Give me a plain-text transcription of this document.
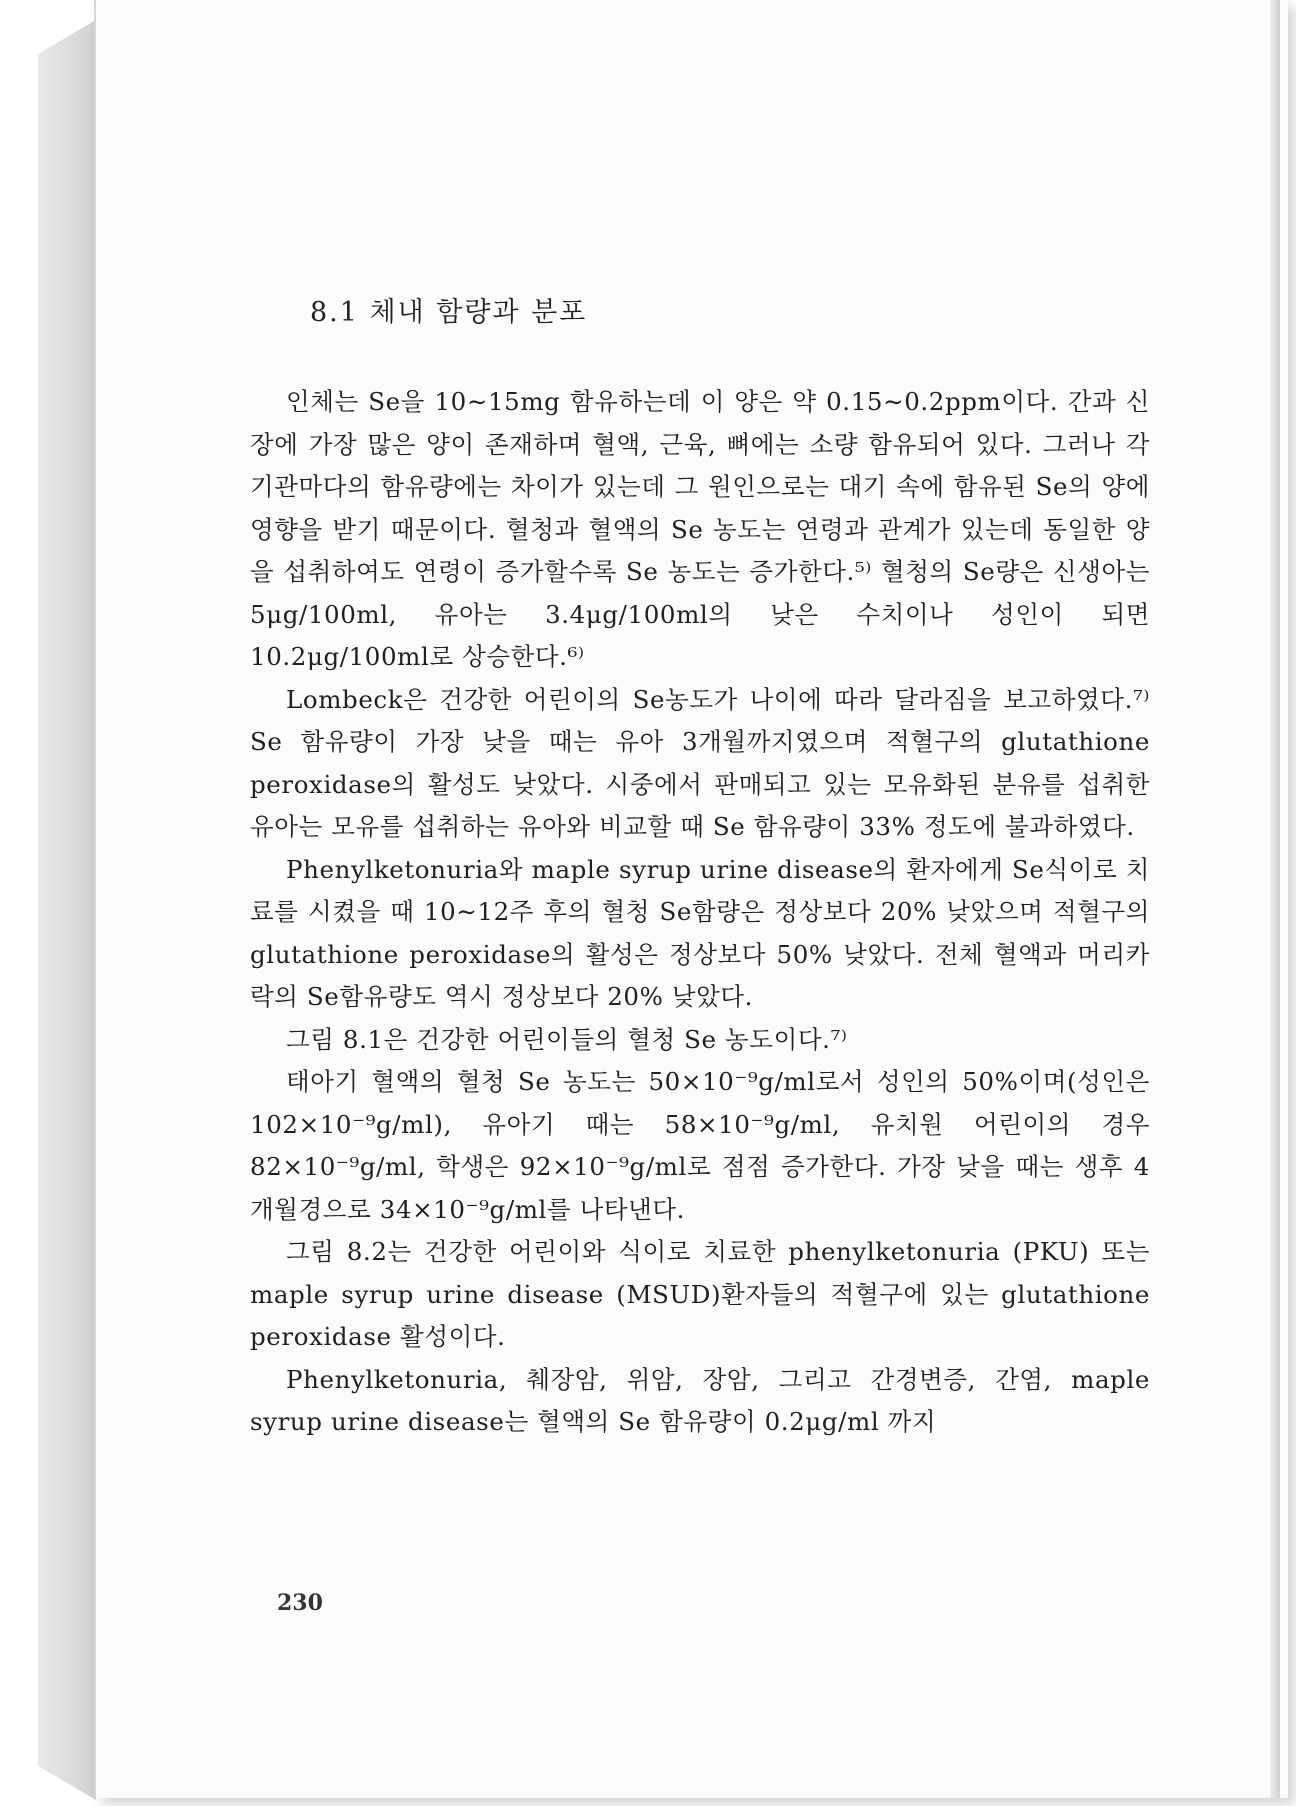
8.1 체내 함량과 분포

인체는 Se을 10∼15mg 함유하는데 이 양은 약 0.15∼0.2ppm이다. 간과 신장에 가장 많은 양이 존재하며 혈액, 근육, 뼈에는 소량 함유되어 있다. 그러나 각 기관마다의 함유량에는 차이가 있는데 그 원인으로는 대기 속에 함유된 Se의 양에 영향을 받기 때문이다. 혈청과 혈액의 Se 농도는 연령과 관계가 있는데 동일한 양을 섭취하여도 연령이 증가할수록 Se 농도는 증가한다.⁵⁾ 혈청의 Se량은 신생아는 5μg/100ml, 유아는 3.4μg/100ml의 낮은 수치이나 성인이 되면 10.2μg/100ml로 상승한다.⁶⁾

Lombeck은 건강한 어린이의 Se농도가 나이에 따라 달라짐을 보고하였다.⁷⁾ Se 함유량이 가장 낮을 때는 유아 3개월까지였으며 적혈구의 glutathione peroxidase의 활성도 낮았다. 시중에서 판매되고 있는 모유화된 분유를 섭취한 유아는 모유를 섭취하는 유아와 비교할 때 Se 함유량이 33% 정도에 불과하였다.

Phenylketonuria와 maple syrup urine disease의 환자에게 Se식이로 치료를 시켰을 때 10∼12주 후의 혈청 Se함량은 정상보다 20% 낮았으며 적혈구의 glutathione peroxidase의 활성은 정상보다 50% 낮았다. 전체 혈액과 머리카락의 Se함유량도 역시 정상보다 20% 낮았다.

그림 8.1은 건강한 어린이들의 혈청 Se 농도이다.⁷⁾

태아기 혈액의 혈청 Se 농도는 50×10⁻⁹g/ml로서 성인의 50%이며(성인은 102×10⁻⁹g/ml), 유아기 때는 58×10⁻⁹g/ml, 유치원 어린이의 경우 82×10⁻⁹g/ml, 학생은 92×10⁻⁹g/ml로 점점 증가한다. 가장 낮을 때는 생후 4개월경으로 34×10⁻⁹g/ml를 나타낸다.

그림 8.2는 건강한 어린이와 식이로 치료한 phenylketonuria (PKU) 또는 maple syrup urine disease (MSUD)환자들의 적혈구에 있는 glutathione peroxidase 활성이다.

Phenylketonuria, 췌장암, 위암, 장암, 그리고 간경변증, 간염, maple syrup urine disease는 혈액의 Se 함유량이 0.2μg/ml 까지

230
